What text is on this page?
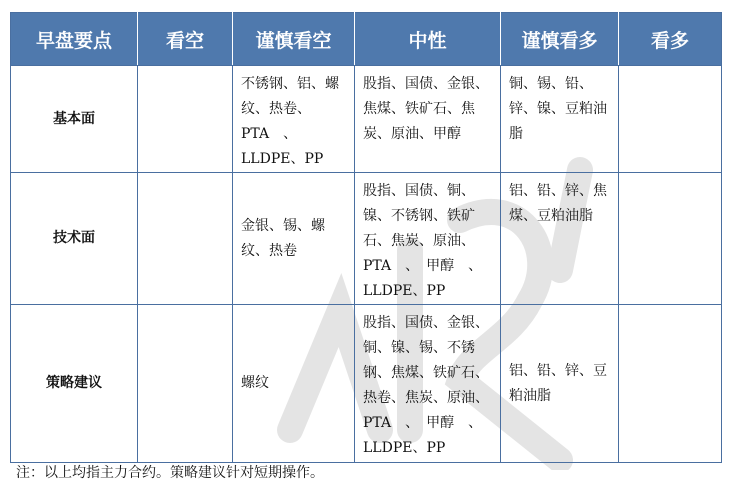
早盘要点	看空	谨慎看空	中性	谨慎看多	看多
基本面		不锈钢、铝、螺纹、热卷、PTA　、LLDPE、PP	股指、国债、金银、焦煤、铁矿石、焦炭、原油、甲醇	铜、锡、铅、锌、镍、豆粕油脂	
技术面		金银、锡、螺纹、热卷	股指、国债、铜、镍、不锈钢、铁矿石、焦炭、原油、PTA　、　甲醇　、LLDPE、PP	铝、铅、锌、焦煤、豆粕油脂	
策略建议		螺纹	股指、国债、金银、铜、镍、锡、不锈钢、焦煤、铁矿石、热卷、焦炭、原油、PTA　、　甲醇　、LLDPE、PP	铝、铅、锌、豆粕油脂	
注：以上均指主力合约。策略建议针对短期操作。
